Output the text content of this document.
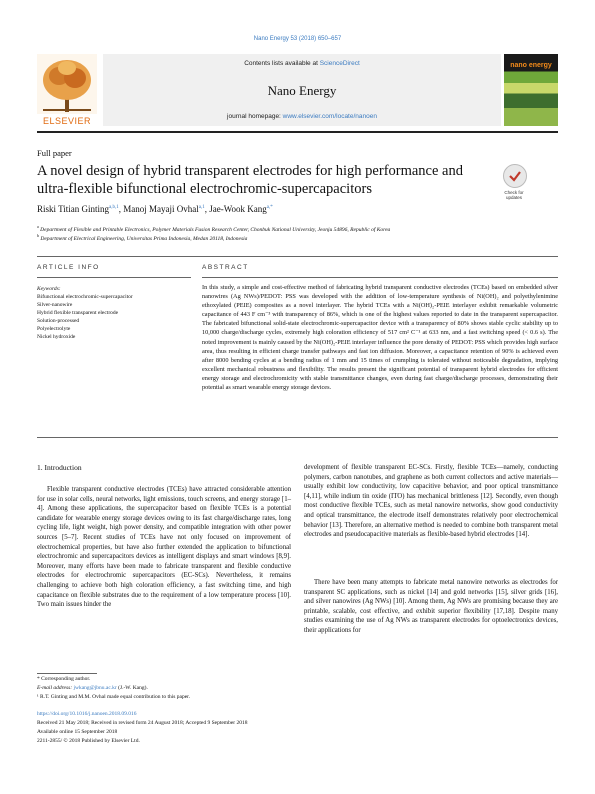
Nano Energy 53 (2018) 650–657
ELSEVIER
Contents lists available at ScienceDirect
Nano Energy
journal homepage: www.elsevier.com/locate/nanoen
nano energy
Full paper
A novel design of hybrid transparent electrodes for high performance and ultra-flexible bifunctional electrochromic-supercapacitors	Check for updates
Riski Titian Ginting$^{a,b,1}$, Manoj Mayaji Ovhal$^{a,1}$, Jae-Wook Kang$^{a,*}$
$^a$ Department of Flexible and Printable Electronics, Polymer Materials Fusion Research Center, Chonbuk National University, Jeonju 54896, Republic of Korea
$^b$ Department of Electrical Engineering, Universitas Prima Indonesia, Medan 20118, Indonesia
ARTICLE INFO	ABSTRACT
Keywords:
Bifunctional electrochromic-supercapacitor
Silver-nanowire
Hybrid flexible transparent electrode
Solution-processed
Polyelectrolyte
Nickel hydroxide
In this study, a simple and cost-effective method of fabricating hybrid transparent conductive electrodes (TCEs) based on embedded silver nanowires (Ag NWs)/PEDOT: PSS was developed with the addition of low-temperature synthesis of Ni(OH)₂ and polyethylenimine ethoxylated (PEIE) composites as a novel interlayer. The hybrid TCEs with a Ni(OH)₂-PEIE interlayer exhibit remarkable volumetric capacitance of 443 F cm⁻³ with transparency of 86%, which is one of the highest values reported to date in the transparent supercapacitor. The fabricated bifunctional solid-state electrochromic-supercapacitor device with a transparency of 80% shows stable cyclic stability up to 10,000 charge/discharge cycles, extremely high coloration efficiency of 517 cm² C⁻¹ at 633 nm, and a fast switching speed (< 0.6 s). The noted improvement is mainly caused by the Ni(OH)₂-PEIE interlayer influence the pore density of PEDOT: PSS which provides high surface area, thus resulting in efficient charge transfer pathways and fast ion diffusion. Moreover, a capacitance retention of 90% is achieved even after 8000 bending cycles at a bending radius of 1 mm and 15 times of crumpling is tolerated without noticeable degradation, implying excellent mechanical robustness and flexibility. The results present the significant potential of transparent hybrid electrodes for efficient energy storage and electrochromicity with stable transmittance changes, even during fast charge/discharge processes, demonstrating their potential as smart wearable energy storage devices.
1. Introduction
Flexible transparent conductive electrodes (TCEs) have attracted considerable attention for use in solar cells, neural networks, light emissions, touch screens, and energy storage [1–4]. Among these applications, the supercapacitor based on flexible TCEs is a potential candidate for wearable energy storage devices owing to its fast charge/discharge rates, long cycling life, light weight, high power density, and compatible integration with other power sources [5–7]. Recent studies of TCEs have not only focused on improvement of electrochemical properties, but have also further extended the application to bifunctional electrochromic and supercapacitors devices as intelligent displays and smart windows [8,9]. Moreover, many efforts have been made to fabricate transparent and flexible conductive electrodes for electrochromic supercapacitors (EC-SCs). Nevertheless, it remains challenging to achieve both high coloration efficiency, a fast switching time, and high capacitance on flexible substrates due to the requirement of a low temperature process [10]. Two main issues hinder the
development of flexible transparent EC-SCs. Firstly, flexible TCEs—namely, conducting polymers, carbon nanotubes, and graphene as both current collectors and active materials—usually exhibit low conductivity, low capacitive behavior, and poor optical transmittance [4,11], while indium tin oxide (ITO) has mechanical brittleness [12]. Secondly, even though most conductive flexible TCEs, such as metal nanowire networks, show good conductivity and optical transmittance, the electrode itself demonstrates relatively poor electrochemical behavior [13]. Therefore, an alternative method is needed to combine both transparent metal electrodes and pseudocapacitive materials as flexible-based hybrid electrodes [14].
There have been many attempts to fabricate metal nanowire networks as electrodes for transparent SC applications, such as nickel [14] and gold networks [15], silver grids [16], and silver nanowires (Ag NWs) [10]. Among them, Ag NWs are promising because they are printable, scalable, cost effective, and exhibit superior flexibility [17,18]. Despite many studies examining the use of Ag NWs as transparent electrodes for optoelectronics devices, their applications for
* Corresponding author.
E-mail address: jwkang@jbnu.ac.kr (J.-W. Kang).
¹ R.T. Ginting and M.M. Ovhal made equal contribution to this paper.
https://doi.org/10.1016/j.nanoen.2018.09.016
Received 21 May 2018; Received in revised form 24 August 2018; Accepted 9 September 2018
Available online 15 September 2018
2211-2855/ © 2018 Published by Elsevier Ltd.
